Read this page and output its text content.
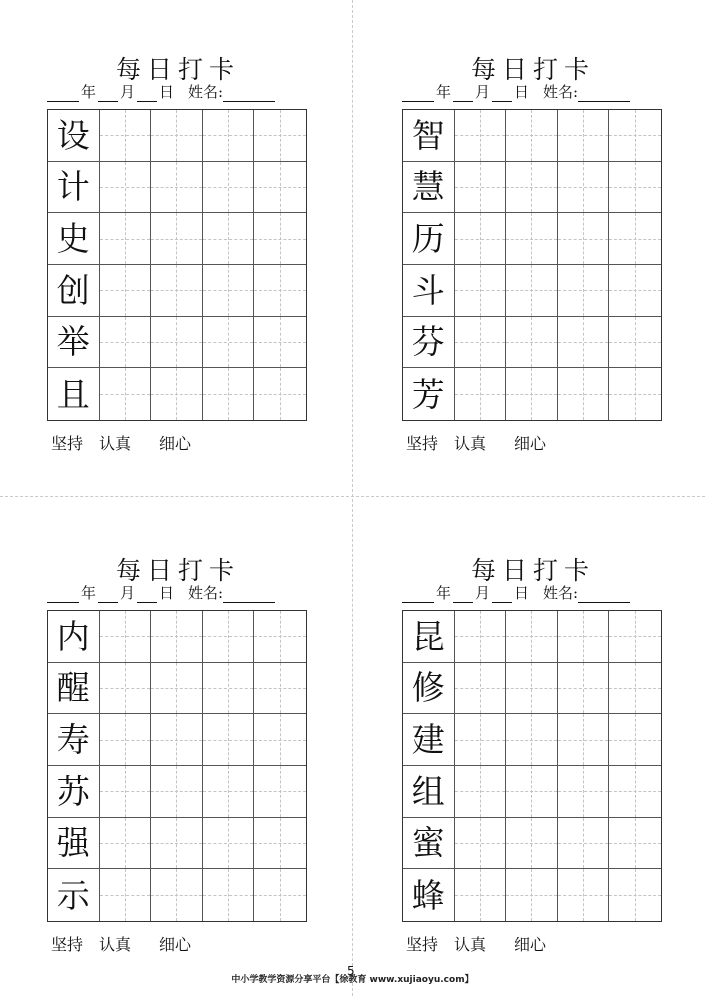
每日打卡
年 月 日 姓名:
设
计
史
创
举
且
坚持 认真 细心
每日打卡
年 月 日 姓名:
智
慧
历
斗
芬
芳
坚持 认真 细心
每日打卡
年 月 日 姓名:
内
醒
寿
苏
强
示
坚持 认真 细心
每日打卡
年 月 日 姓名:
昆
修
建
组
蜜
蜂
坚持 认真 细心
5
中小学教学资源分享平台【徐教育 www.xujiaoyu.com】
